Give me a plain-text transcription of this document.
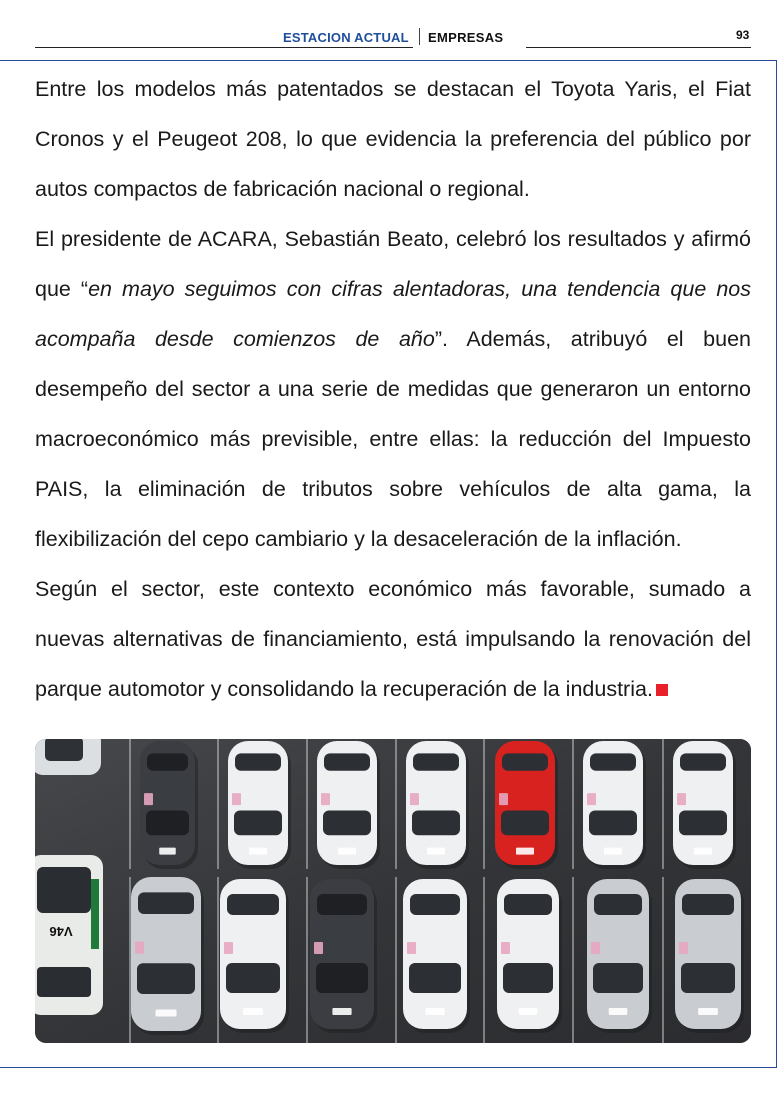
ESTACION ACTUAL EMPRESAS	93

Entre los modelos más patentados se destacan el Toyota Yaris, el Fiat Cronos y el Peugeot 208, lo que evidencia la preferencia del público por autos compactos de fabricación nacional o regional.

El presidente de ACARA, Sebastián Beato, celebró los resultados y afirmó que “en mayo seguimos con cifras alentadoras, una tendencia que nos acompaña desde comienzos de año”. Además, atribuyó el buen desempeño del sector a una serie de medidas que generaron un entorno macroeconómico más previsible, entre ellas: la reducción del Impuesto PAIS, la eliminación de tributos sobre vehículos de alta gama, la flexibilización del cepo cambiario y la desaceleración de la inflación.

Según el sector, este contexto económico más favorable, sumado a nuevas alternativas de financiamiento, está impulsando la renovación del parque automotor y consolidando la recuperación de la industria.

V46
